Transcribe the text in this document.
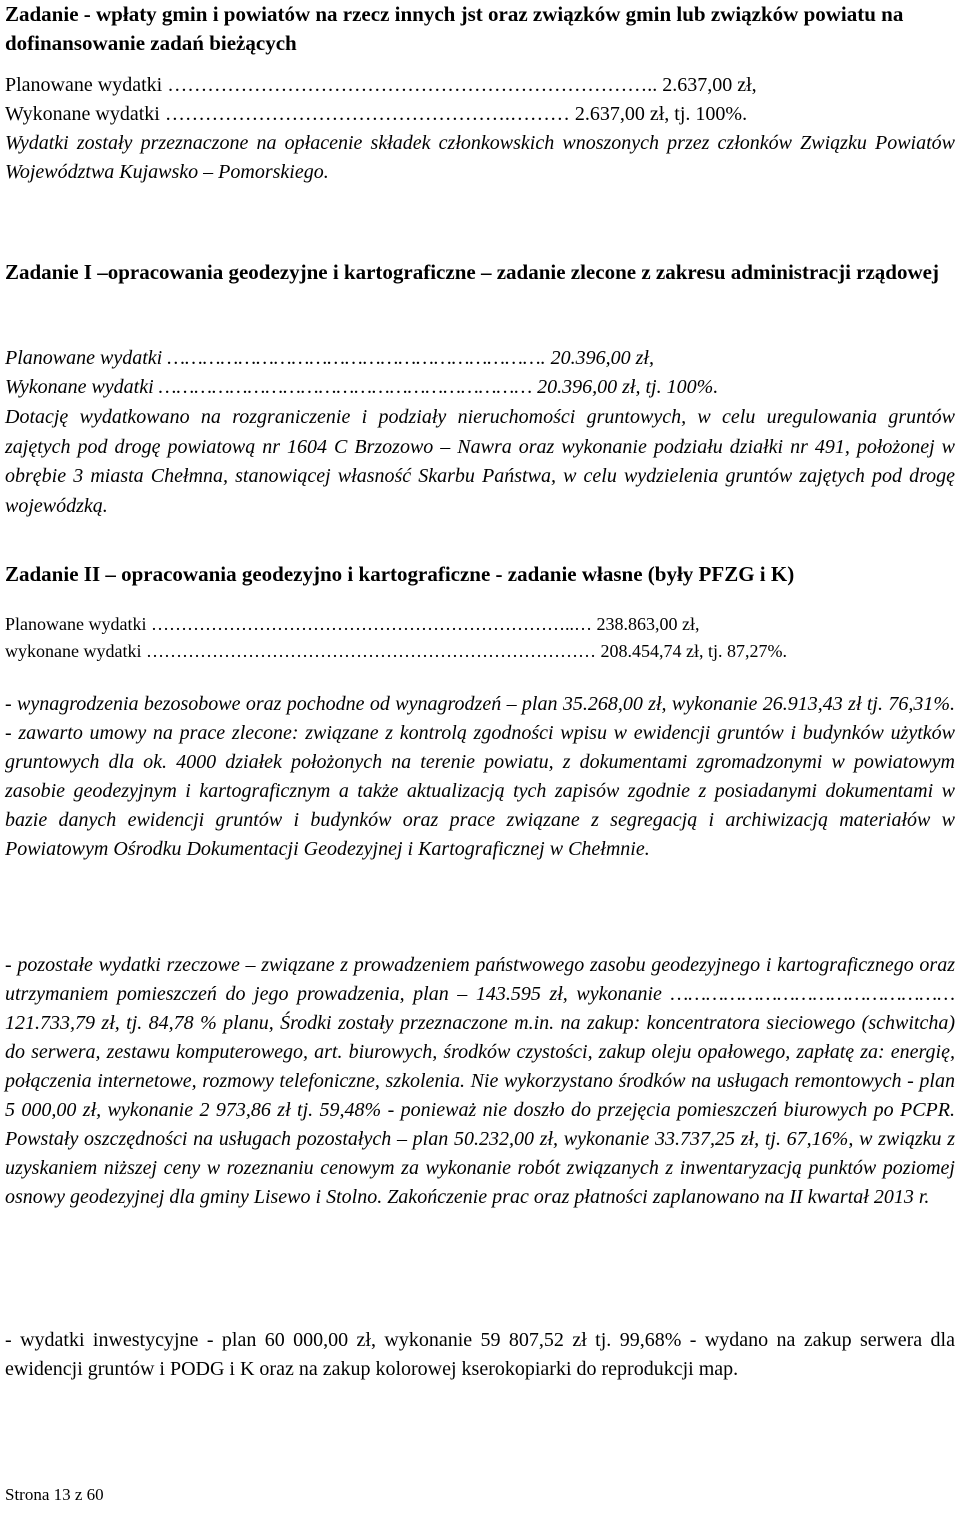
Zadanie - wpłaty gmin i powiatów na rzecz innych jst oraz związków gmin lub związków powiatu na dofinansowanie zadań bieżących

Planowane wydatki ……………………………………………………………….. 2.637,00 zł,

Wykonane wydatki …………………………………………….……… 2.637,00 zł, tj. 100%.

Wydatki zostały przeznaczone na opłacenie składek członkowskich wnoszonych przez członków Związku Powiatów Województwa Kujawsko – Pomorskiego.

Zadanie I –opracowania geodezyjne i kartograficzne – zadanie zlecone z zakresu administracji rządowej

Planowane wydatki ………………………………………………………. 20.396,00 zł,

Wykonane wydatki ……………………………………………………… 20.396,00 zł, tj. 100%.

Dotację wydatkowano na rozgraniczenie i podziały nieruchomości gruntowych, w celu uregulowania gruntów zajętych pod drogę powiatową nr 1604 C Brzozowo – Nawra oraz wykonanie podziału działki nr 491, położonej w obrębie 3 miasta Chełmna, stanowiącej własność Skarbu Państwa, w celu wydzielenia gruntów zajętych pod drogę wojewódzką.

Zadanie II – opracowania geodezyjno i kartograficzne - zadanie własne (były PFZG i K)

Planowane wydatki ……………………………………………………………..… 238.863,00 zł,

wykonane wydatki ………………………………………………………………… 208.454,74 zł, tj. 87,27%.

- wynagrodzenia bezosobowe oraz pochodne od wynagrodzeń – plan 35.268,00 zł, wykonanie 26.913,43 zł tj. 76,31%. - zawarto umowy na prace zlecone: związane z kontrolą zgodności wpisu w ewidencji gruntów i budynków użytków gruntowych dla ok. 4000 działek położonych na terenie powiatu, z dokumentami zgromadzonymi w powiatowym zasobie geodezyjnym i kartograficznym a także aktualizacją tych zapisów zgodnie z posiadanymi dokumentami w bazie danych ewidencji gruntów i budynków oraz prace związane z segregacją i archiwizacją materiałów w Powiatowym Ośrodku Dokumentacji Geodezyjnej i Kartograficznej w Chełmnie.

- pozostałe wydatki rzeczowe – związane z prowadzeniem państwowego zasobu geodezyjnego i kartograficznego oraz utrzymaniem pomieszczeń do jego prowadzenia, plan – 143.595 zł, wykonanie …………………………………………121.733,79 zł, tj. 84,78 % planu, Środki zostały przeznaczone m.in. na zakup: koncentratora sieciowego (schwitcha) do serwera, zestawu komputerowego, art. biurowych, środków czystości, zakup oleju opałowego, zapłatę za: energię, połączenia internetowe, rozmowy telefoniczne, szkolenia. Nie wykorzystano środków na usługach remontowych - plan 5 000,00 zł, wykonanie 2 973,86 zł tj. 59,48% - ponieważ nie doszło do przejęcia pomieszczeń biurowych po PCPR. Powstały oszczędności na usługach pozostałych – plan 50.232,00 zł, wykonanie 33.737,25 zł, tj. 67,16%, w związku z uzyskaniem niższej ceny w rozeznaniu cenowym za wykonanie robót związanych z inwentaryzacją punktów poziomej osnowy geodezyjnej dla gminy Lisewo i Stolno. Zakończenie prac oraz płatności zaplanowano na II kwartał 2013 r.

- wydatki inwestycyjne - plan 60 000,00 zł, wykonanie 59 807,52 zł tj. 99,68% - wydano na zakup serwera dla ewidencji gruntów i PODG i K oraz na zakup kolorowej kserokopiarki do reprodukcji map.

Strona 13 z 60
